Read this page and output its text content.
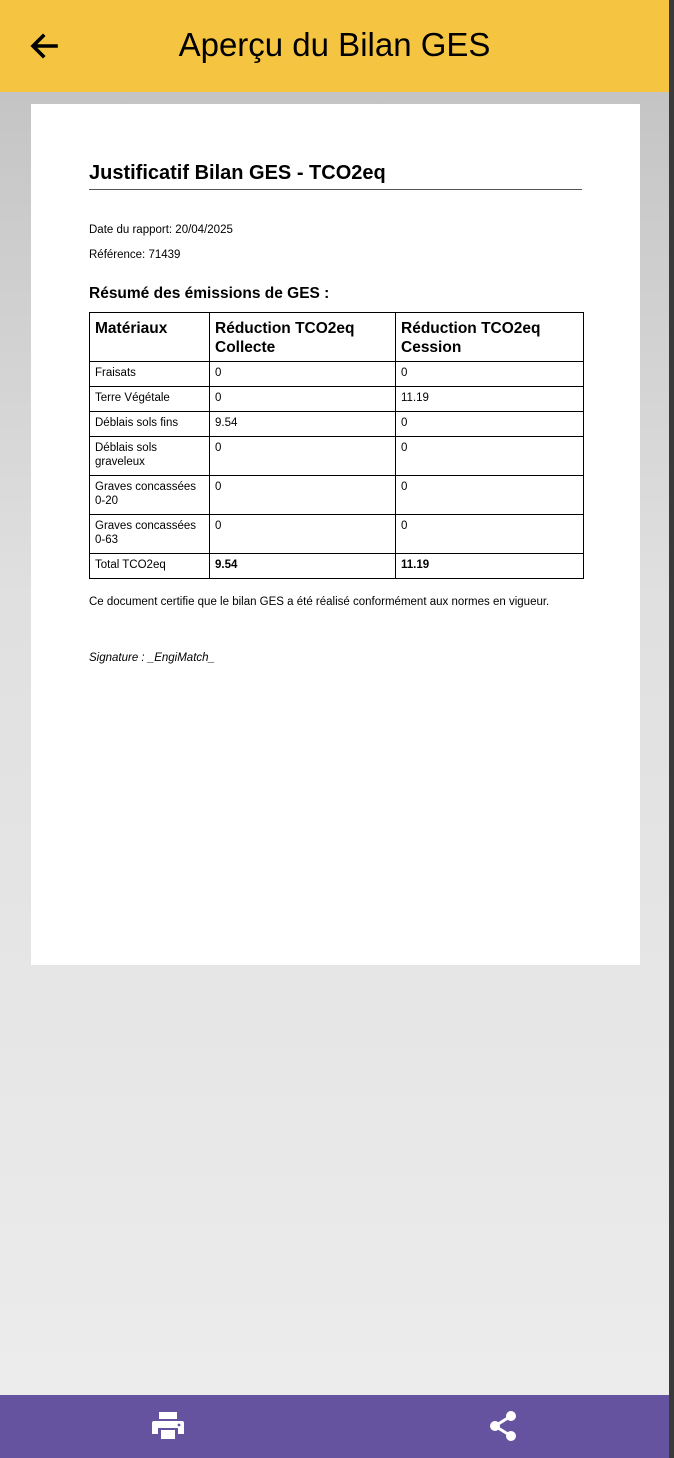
Aperçu du Bilan GES
Justificatif Bilan GES - TCO2eq
Date du rapport: 20/04/2025
Référence: 71439
Résumé des émissions de GES :
Matériaux	Réduction TCO2eq Collecte	Réduction TCO2eq Cession
Fraisats	0	0
Terre Végétale	0	11.19
Déblais sols fins	9.54	0
Déblais sols graveleux	0	0
Graves concassées 0-20	0	0
Graves concassées 0-63	0	0
Total TCO2eq	9.54	11.19
Ce document certifie que le bilan GES a été réalisé conformément aux normes en vigueur.
Signature : _EngiMatch_
